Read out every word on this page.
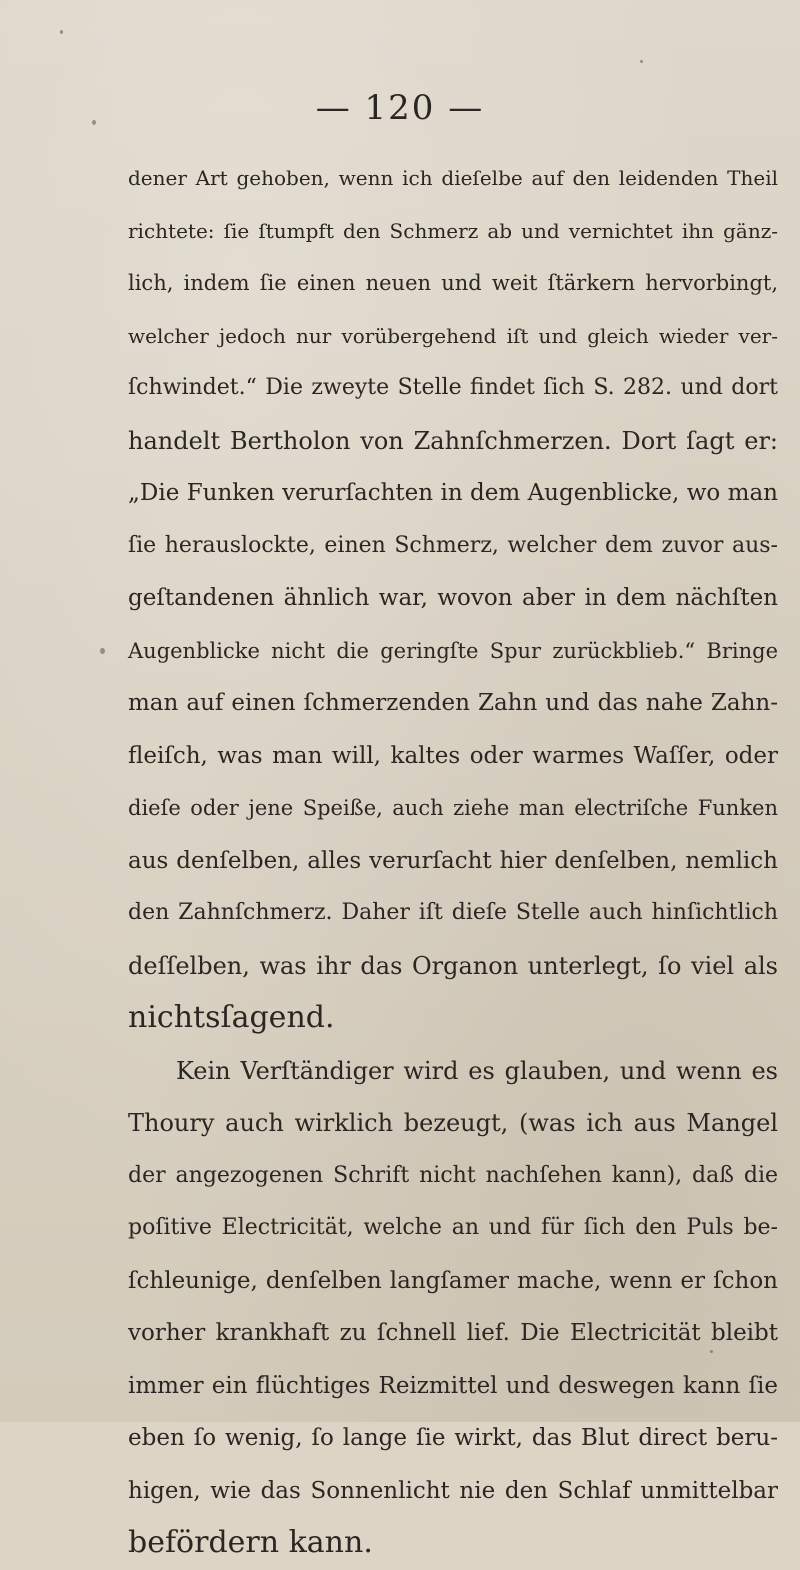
— 120 —
dener Art gehoben, wenn ich dieſelbe auf den leidenden Theil
richtete: ſie ſtumpft den Schmerz ab und vernichtet ihn gänz-
lich, indem ſie einen neuen und weit ſtärkern hervorbingt,
welcher jedoch nur vorübergehend iſt und gleich wieder ver-
ſchwindet.“ Die zweyte Stelle findet ſich S. 282. und dort
handelt Bertholon von Zahnſchmerzen. Dort ſagt er:
„Die Funken verurſachten in dem Augenblicke, wo man
ſie herauslockte, einen Schmerz, welcher dem zuvor aus-
geſtandenen ähnlich war, wovon aber in dem nächſten
Augenblicke nicht die geringſte Spur zurückblieb.“ Bringe
man auf einen ſchmerzenden Zahn und das nahe Zahn-
fleiſch, was man will, kaltes oder warmes Waſſer, oder
dieſe oder jene Speiße, auch ziehe man electriſche Funken
aus denſelben, alles verurſacht hier denſelben, nemlich
den Zahnſchmerz. Daher iſt dieſe Stelle auch hinſichtlich
deſſelben, was ihr das Organon unterlegt, ſo viel als
nichtsſagend.
Kein Verſtändiger wird es glauben, und wenn es
Thoury auch wirklich bezeugt, (was ich aus Mangel
der angezogenen Schrift nicht nachſehen kann), daß die
poſitive Electricität, welche an und für ſich den Puls be-
ſchleunige, denſelben langſamer mache, wenn er ſchon
vorher krankhaft zu ſchnell lief. Die Electricität bleibt
immer ein flüchtiges Reizmittel und deswegen kann ſie
eben ſo wenig, ſo lange ſie wirkt, das Blut direct beru-
higen, wie das Sonnenlicht nie den Schlaf unmittelbar
befördern kann.
